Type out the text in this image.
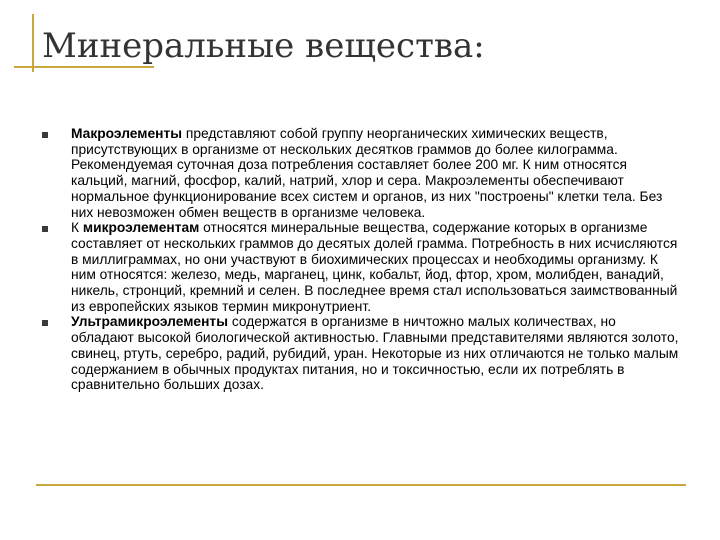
Минеральные вещества:
Макроэлементы представляют собой группу неорганических химических веществ, присутствующих в организме от нескольких десятков граммов до более килограмма. Рекомендуемая суточная доза потребления составляет более 200 мг. К ним относятся кальций, магний, фосфор, калий, натрий, хлор и сера. Макроэлементы обеспечивают нормальное функционирование всех систем и органов, из них "построены" клетки тела. Без них невозможен обмен веществ в организме человека.
К микроэлементам относятся минеральные вещества, содержание которых в организме составляет от нескольких граммов до десятых долей грамма. Потребность в них исчисляются в миллиграммах, но они участвуют в биохимических процессах и необходимы организму. К ним относятся: железо, медь, марганец, цинк, кобальт, йод, фтор, хром, молибден, ванадий, никель, стронций, кремний и селен. В последнее время стал использоваться заимствованный из европейских языков термин микронутриент.
Ультрамикроэлементы содержатся в организме в ничтожно малых количествах, но обладают высокой биологической активностью. Главными представителями являются золото, свинец, ртуть, серебро, радий, рубидий, уран. Некоторые из них отличаются не только малым содержанием в обычных продуктах питания, но и токсичностью, если их потреблять в сравнительно больших дозах.
